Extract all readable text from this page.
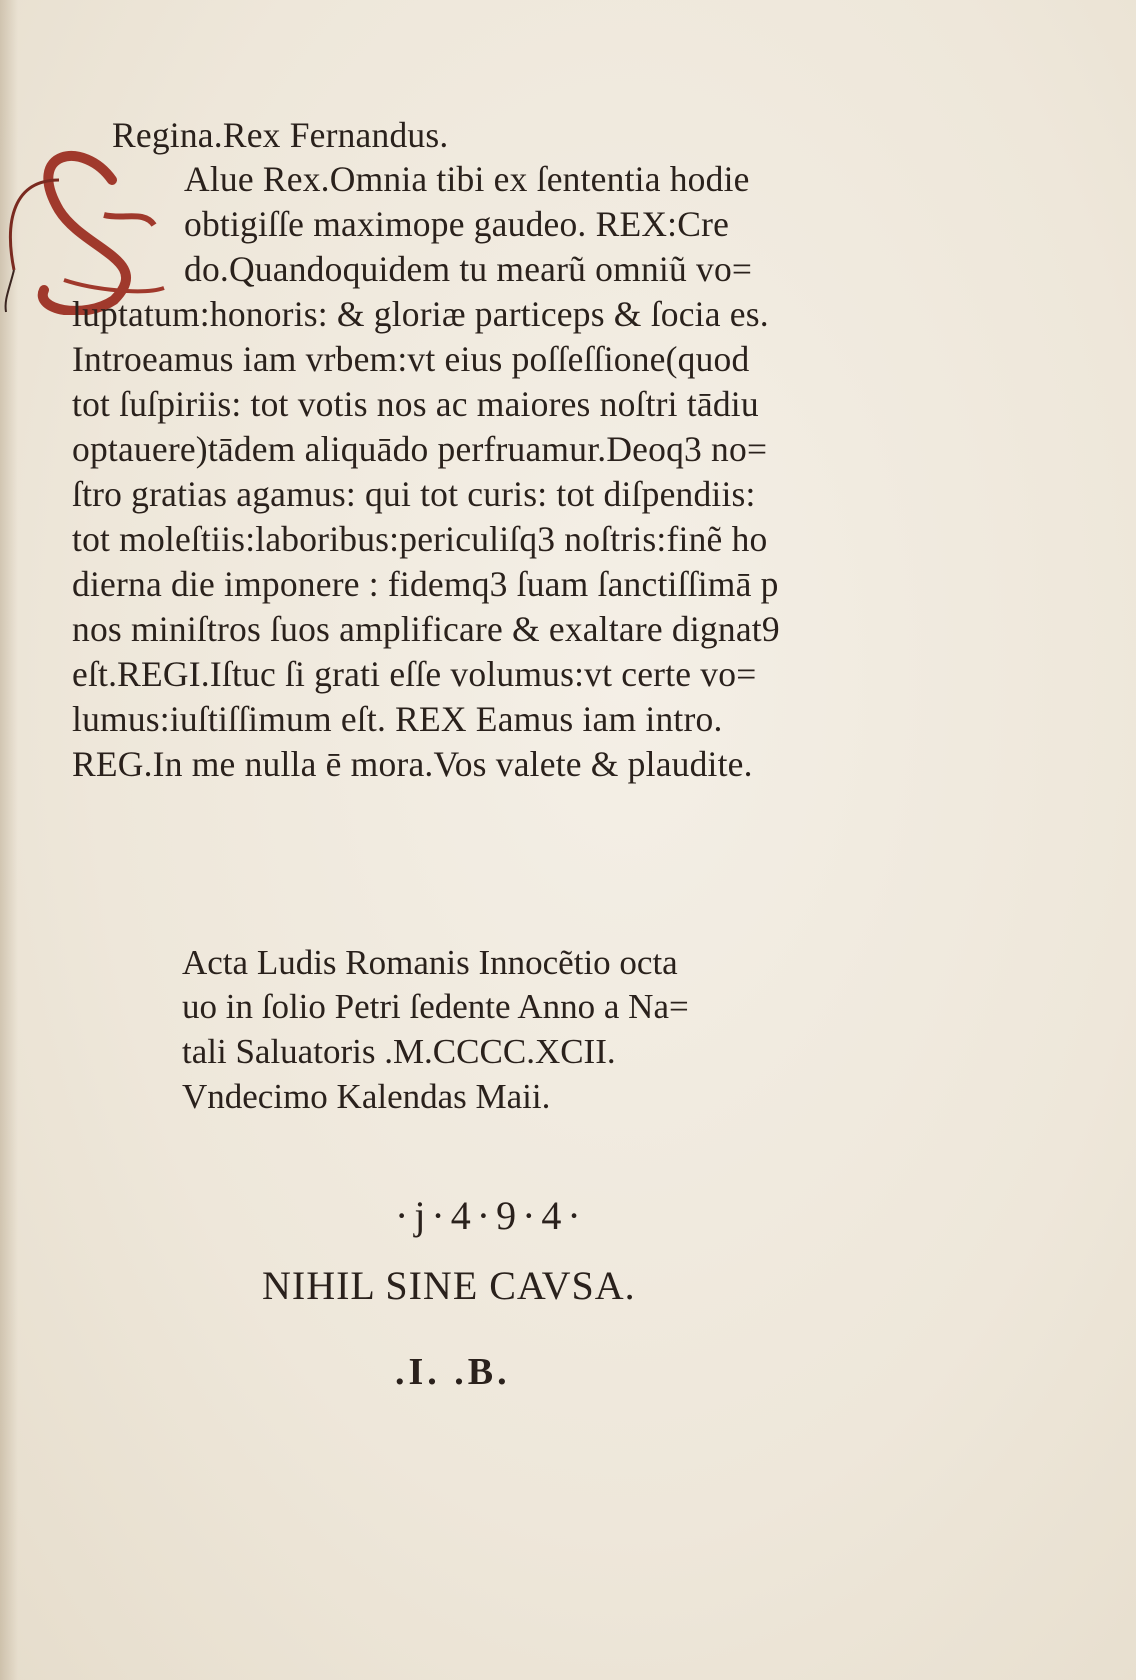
Regina.Rex Fernandus.
Alue Rex.Omnia tibi ex ſententia hodie
obtigiſſe maximope gaudeo. REX:Cre
do.Quandoquidem tu mearũ omniũ vo=
luptatum:honoris: & gloriæ particeps & ſocia es.
Introeamus iam vrbem:vt eius poſſeſſione(quod
tot ſuſpiriis: tot votis nos ac maiores noſtri tādiu
optauere)tādem aliquādo perfruamur.Deoq3 no=
ſtro gratias agamus: qui tot curis: tot diſpendiis:
tot moleſtiis:laboribus:periculiſq3 noſtris:finẽ ho
dierna die imponere : fidemq3 ſuam ſanctiſſimā p
nos miniſtros ſuos amplificare & exaltare dignat9
eſt.REGI.Iſtuc ſi grati eſſe volumus:vt certe vo=
lumus:iuſtiſſimum eſt. REX Eamus iam intro.
REG.In me nulla ē mora.Vos valete & plaudite.
Acta Ludis Romanis Innocẽtio octa
uo in ſolio Petri ſedente Anno a Na=
tali Saluatoris .M.CCCC.XCII.
Vndecimo Kalendas Maii.
·j·4·9·4·
NIHIL SINE CAVSA.
.I. .B.
